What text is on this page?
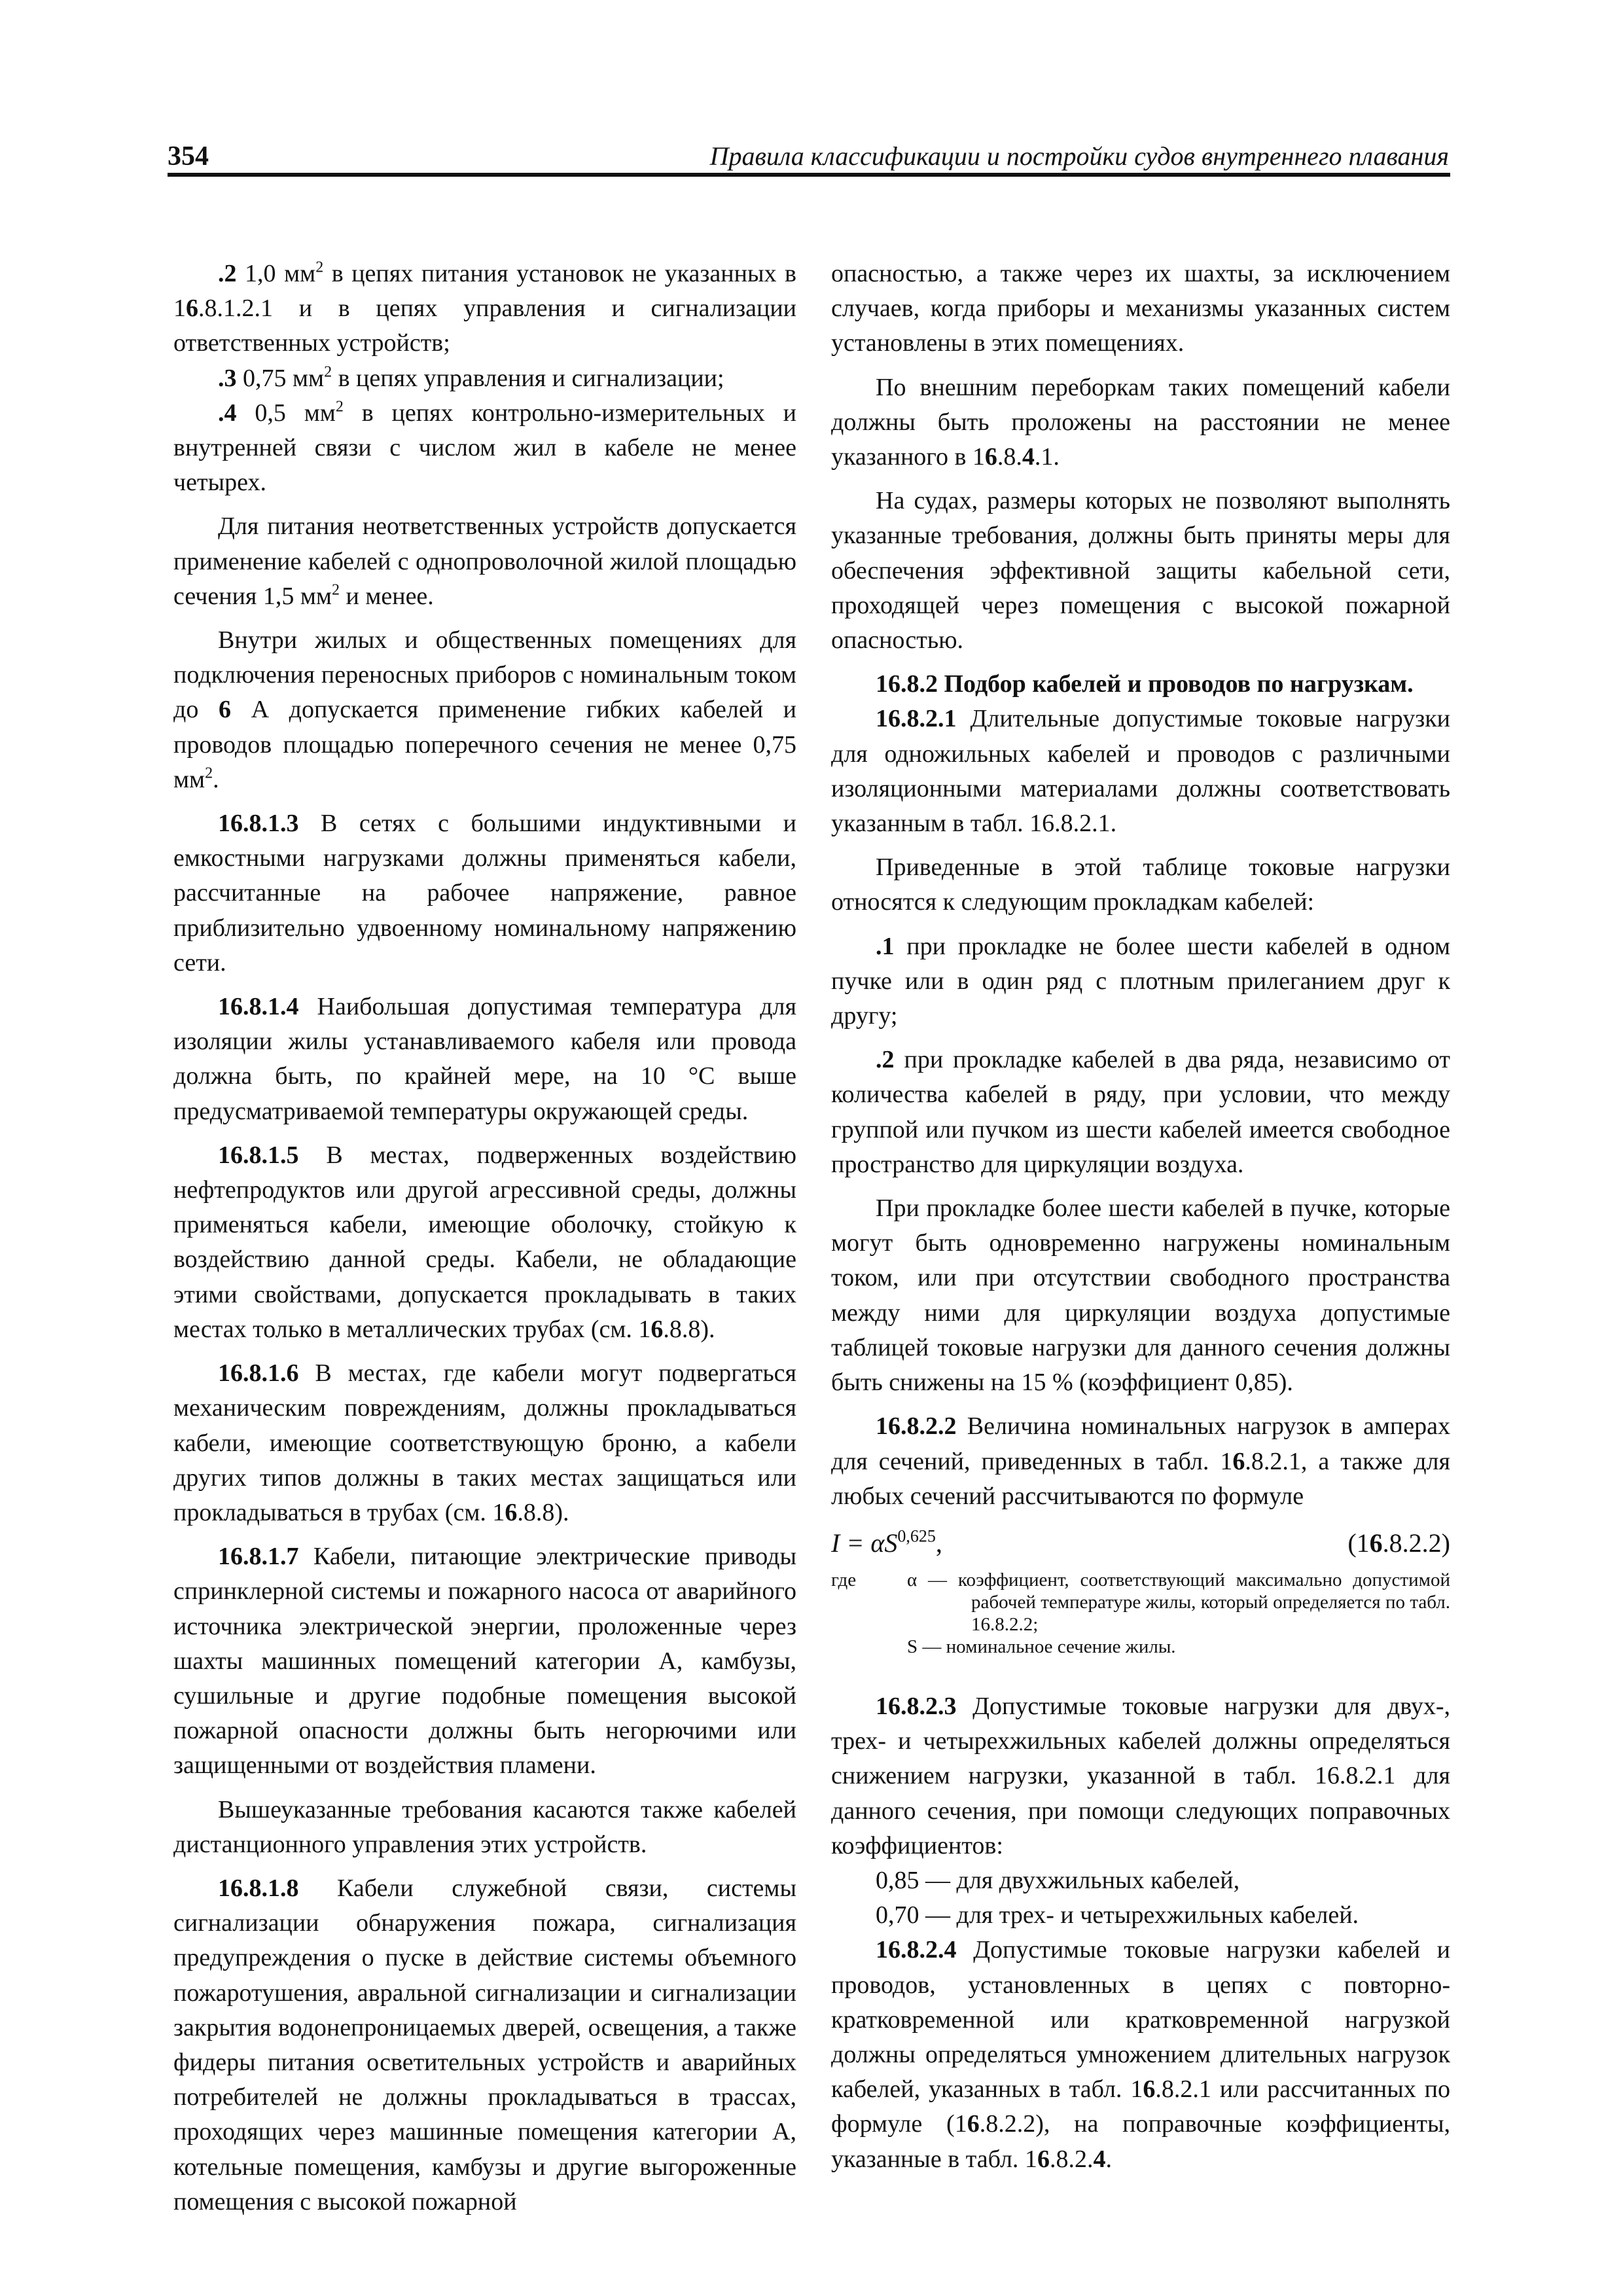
354	Правила классификации и постройки судов внутреннего плавания

.2 1,0 $мм^2$ в цепях питания установок не указанных в 16.8.1.2.1 и в цепях управления и сигнализации ответственных устройств;

.3 0,75 $мм^2$ в цепях управления и сигнализации;

.4 0,5 $мм^2$ в цепях контрольно-измерительных и внутренней связи с числом жил в кабеле не менее четырех.

Для питания неответственных устройств допускается применение кабелей с однопроволочной жилой площадью сечения 1,5 $мм^2$ и менее.

Внутри жилых и общественных помещениях для подключения переносных приборов с номинальным током до 6 А допускается применение гибких кабелей и проводов площадью поперечного сечения не менее 0,75 $мм^2$.

16.8.1.3 В сетях с большими индуктивными и емкостными нагрузками должны применяться кабели, рассчитанные на рабочее напряжение, равное приблизительно удвоенному номинальному напряжению сети.

16.8.1.4 Наибольшая допустимая температура для изоляции жилы устанавливаемого кабеля или провода должна быть, по крайней мере, на 10 °С выше предусматриваемой температуры окружающей среды.

16.8.1.5 В местах, подверженных воздействию нефтепродуктов или другой агрессивной среды, должны применяться кабели, имеющие оболочку, стойкую к воздействию данной среды. Кабели, не обладающие этими свойствами, допускается прокладывать в таких местах только в металлических трубах (см. 16.8.8).

16.8.1.6 В местах, где кабели могут подвергаться механическим повреждениям, должны прокладываться кабели, имеющие соответствующую броню, а кабели других типов должны в таких местах защищаться или прокладываться в трубах (см. 16.8.8).

16.8.1.7 Кабели, питающие электрические приводы спринклерной системы и пожарного насоса от аварийного источника электрической энергии, проложенные через шахты машинных помещений категории А, камбузы, сушильные и другие подобные помещения высокой пожарной опасности должны быть негорючими или защищенными от воздействия пламени.

Вышеуказанные требования касаются также кабелей дистанционного управления этих устройств.

16.8.1.8 Кабели служебной связи, системы сигнализации обнаружения пожара, сигнализация предупреждения о пуске в действие системы объемного пожаротушения, авральной сигнализации и сигнализации закрытия водонепроницаемых дверей, освещения, а также фидеры питания осветительных устройств и аварийных потребителей не должны прокладываться в трассах, проходящих через машинные помещения категории А, котельные помещения, камбузы и другие выгороженные помещения с высокой пожарной

опасностью, а также через их шахты, за исключением случаев, когда приборы и механизмы указанных систем установлены в этих помещениях.

По внешним переборкам таких помещений кабели должны быть проложены на расстоянии не менее указанного в 16.8.4.1.

На судах, размеры которых не позволяют выполнять указанные требования, должны быть приняты меры для обеспечения эффективной защиты кабельной сети, проходящей через помещения с высокой пожарной опасностью.

16.8.2 Подбор кабелей и проводов по нагрузкам.

16.8.2.1 Длительные допустимые токовые нагрузки для одножильных кабелей и проводов с различными изоляционными материалами должны соответствовать указанным в табл. 16.8.2.1.

Приведенные в этой таблице токовые нагрузки относятся к следующим прокладкам кабелей:

.1 при прокладке не более шести кабелей в одном пучке или в один ряд с плотным прилеганием друг к другу;

.2 при прокладке кабелей в два ряда, независимо от количества кабелей в ряду, при условии, что между группой или пучком из шести кабелей имеется свободное пространство для циркуляции воздуха.

При прокладке более шести кабелей в пучке, которые могут быть одновременно нагружены номинальным током, или при отсутствии свободного пространства между ними для циркуляции воздуха допустимые таблицей токовые нагрузки для данного сечения должны быть снижены на 15 % (коэффициент 0,85).

16.8.2.2 Величина номинальных нагрузок в амперах для сечений, приведенных в табл. 16.8.2.1, а также для любых сечений рассчитываются по формуле

I = αS$^{0,625}$,	(16.8.2.2)
где	α — коэффициент, соответствующий максимально допустимой рабочей температуре жилы, который определяется по табл. 16.8.2.2;
S — номинальное сечение жилы.

16.8.2.3 Допустимые токовые нагрузки для двух-, трех- и четырехжильных кабелей должны определяться снижением нагрузки, указанной в табл. 16.8.2.1 для данного сечения, при помощи следующих поправочных коэффициентов:

0,85 — для двухжильных кабелей,

0,70 — для трех- и четырехжильных кабелей.

16.8.2.4 Допустимые токовые нагрузки кабелей и проводов, установленных в цепях с повторно-кратковременной или кратковременной нагрузкой должны определяться умножением длительных нагрузок кабелей, указанных в табл. 16.8.2.1 или рассчитанных по формуле (16.8.2.2), на поправочные коэффициенты, указанные в табл. 16.8.2.4.
